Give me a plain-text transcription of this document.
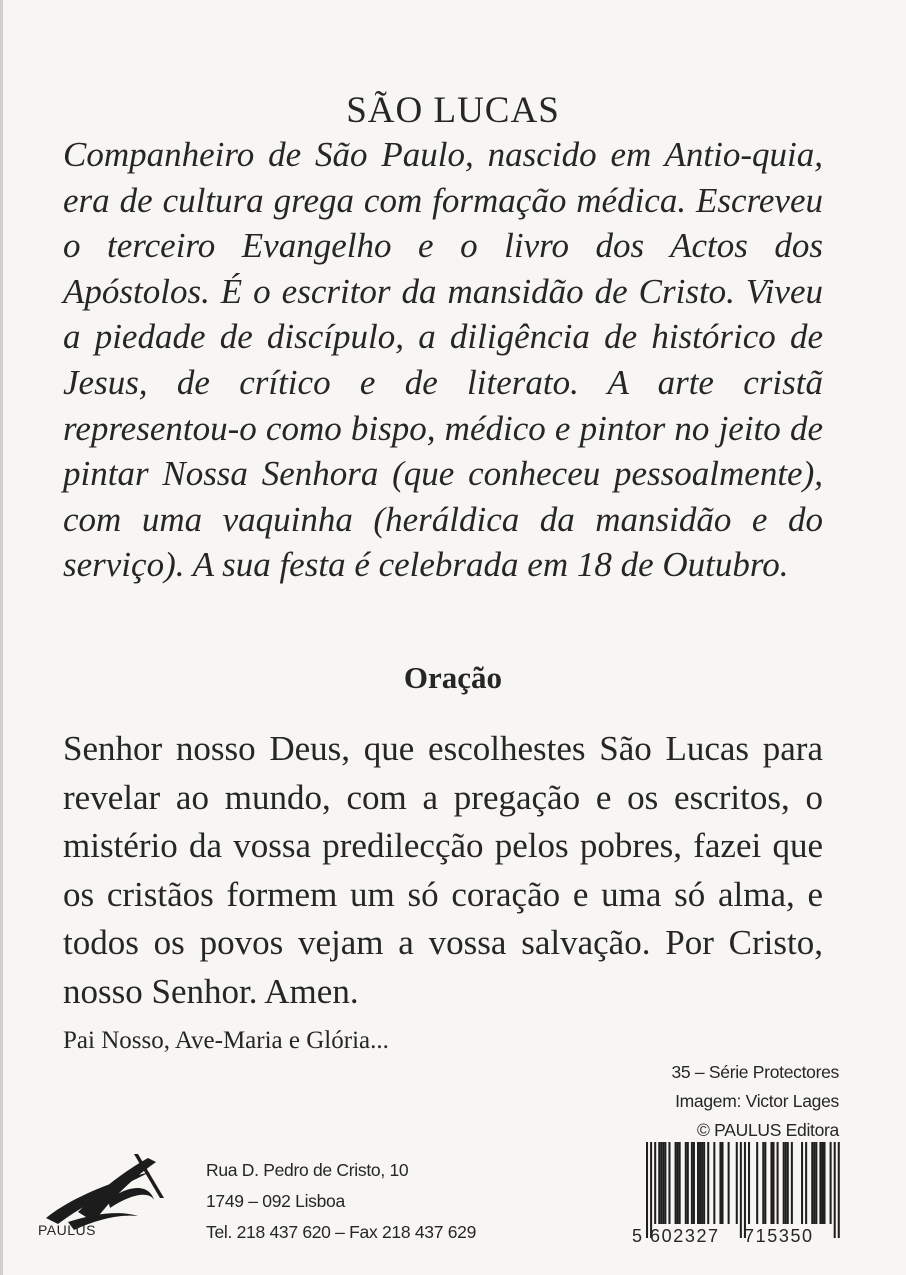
SÃO LUCAS

Companheiro de São Paulo, nascido em Antio-quia, era de cultura grega com formação médica. Escreveu o terceiro Evangelho e o livro dos Actos dos Apóstolos. É o escritor da mansidão de Cristo. Viveu a piedade de discípulo, a diligência de histórico de Jesus, de crítico e de literato. A arte cristã representou-o como bispo, médico e pintor no jeito de pintar Nossa Senhora (que conheceu pessoalmente), com uma vaquinha (heráldica da mansidão e do serviço). A sua festa é celebrada em 18 de Outubro.

Oração

Senhor nosso Deus, que escolhestes São Lucas para revelar ao mundo, com a pregação e os escritos, o mistério da vossa predilecção pelos pobres, fazei que os cristãos formem um só coração e uma só alma, e todos os povos vejam a vossa salvação. Por Cristo, nosso Senhor. Amen.

Pai Nosso, Ave-Maria e Glória...
35 – Série Protectores
Imagem: Victor Lages
© PAULUS Editora
PAULUS
Rua D. Pedro de Cristo, 10
1749 – 092 Lisboa
Tel. 218 437 620 – Fax 218 437 629	5 602327 715350
